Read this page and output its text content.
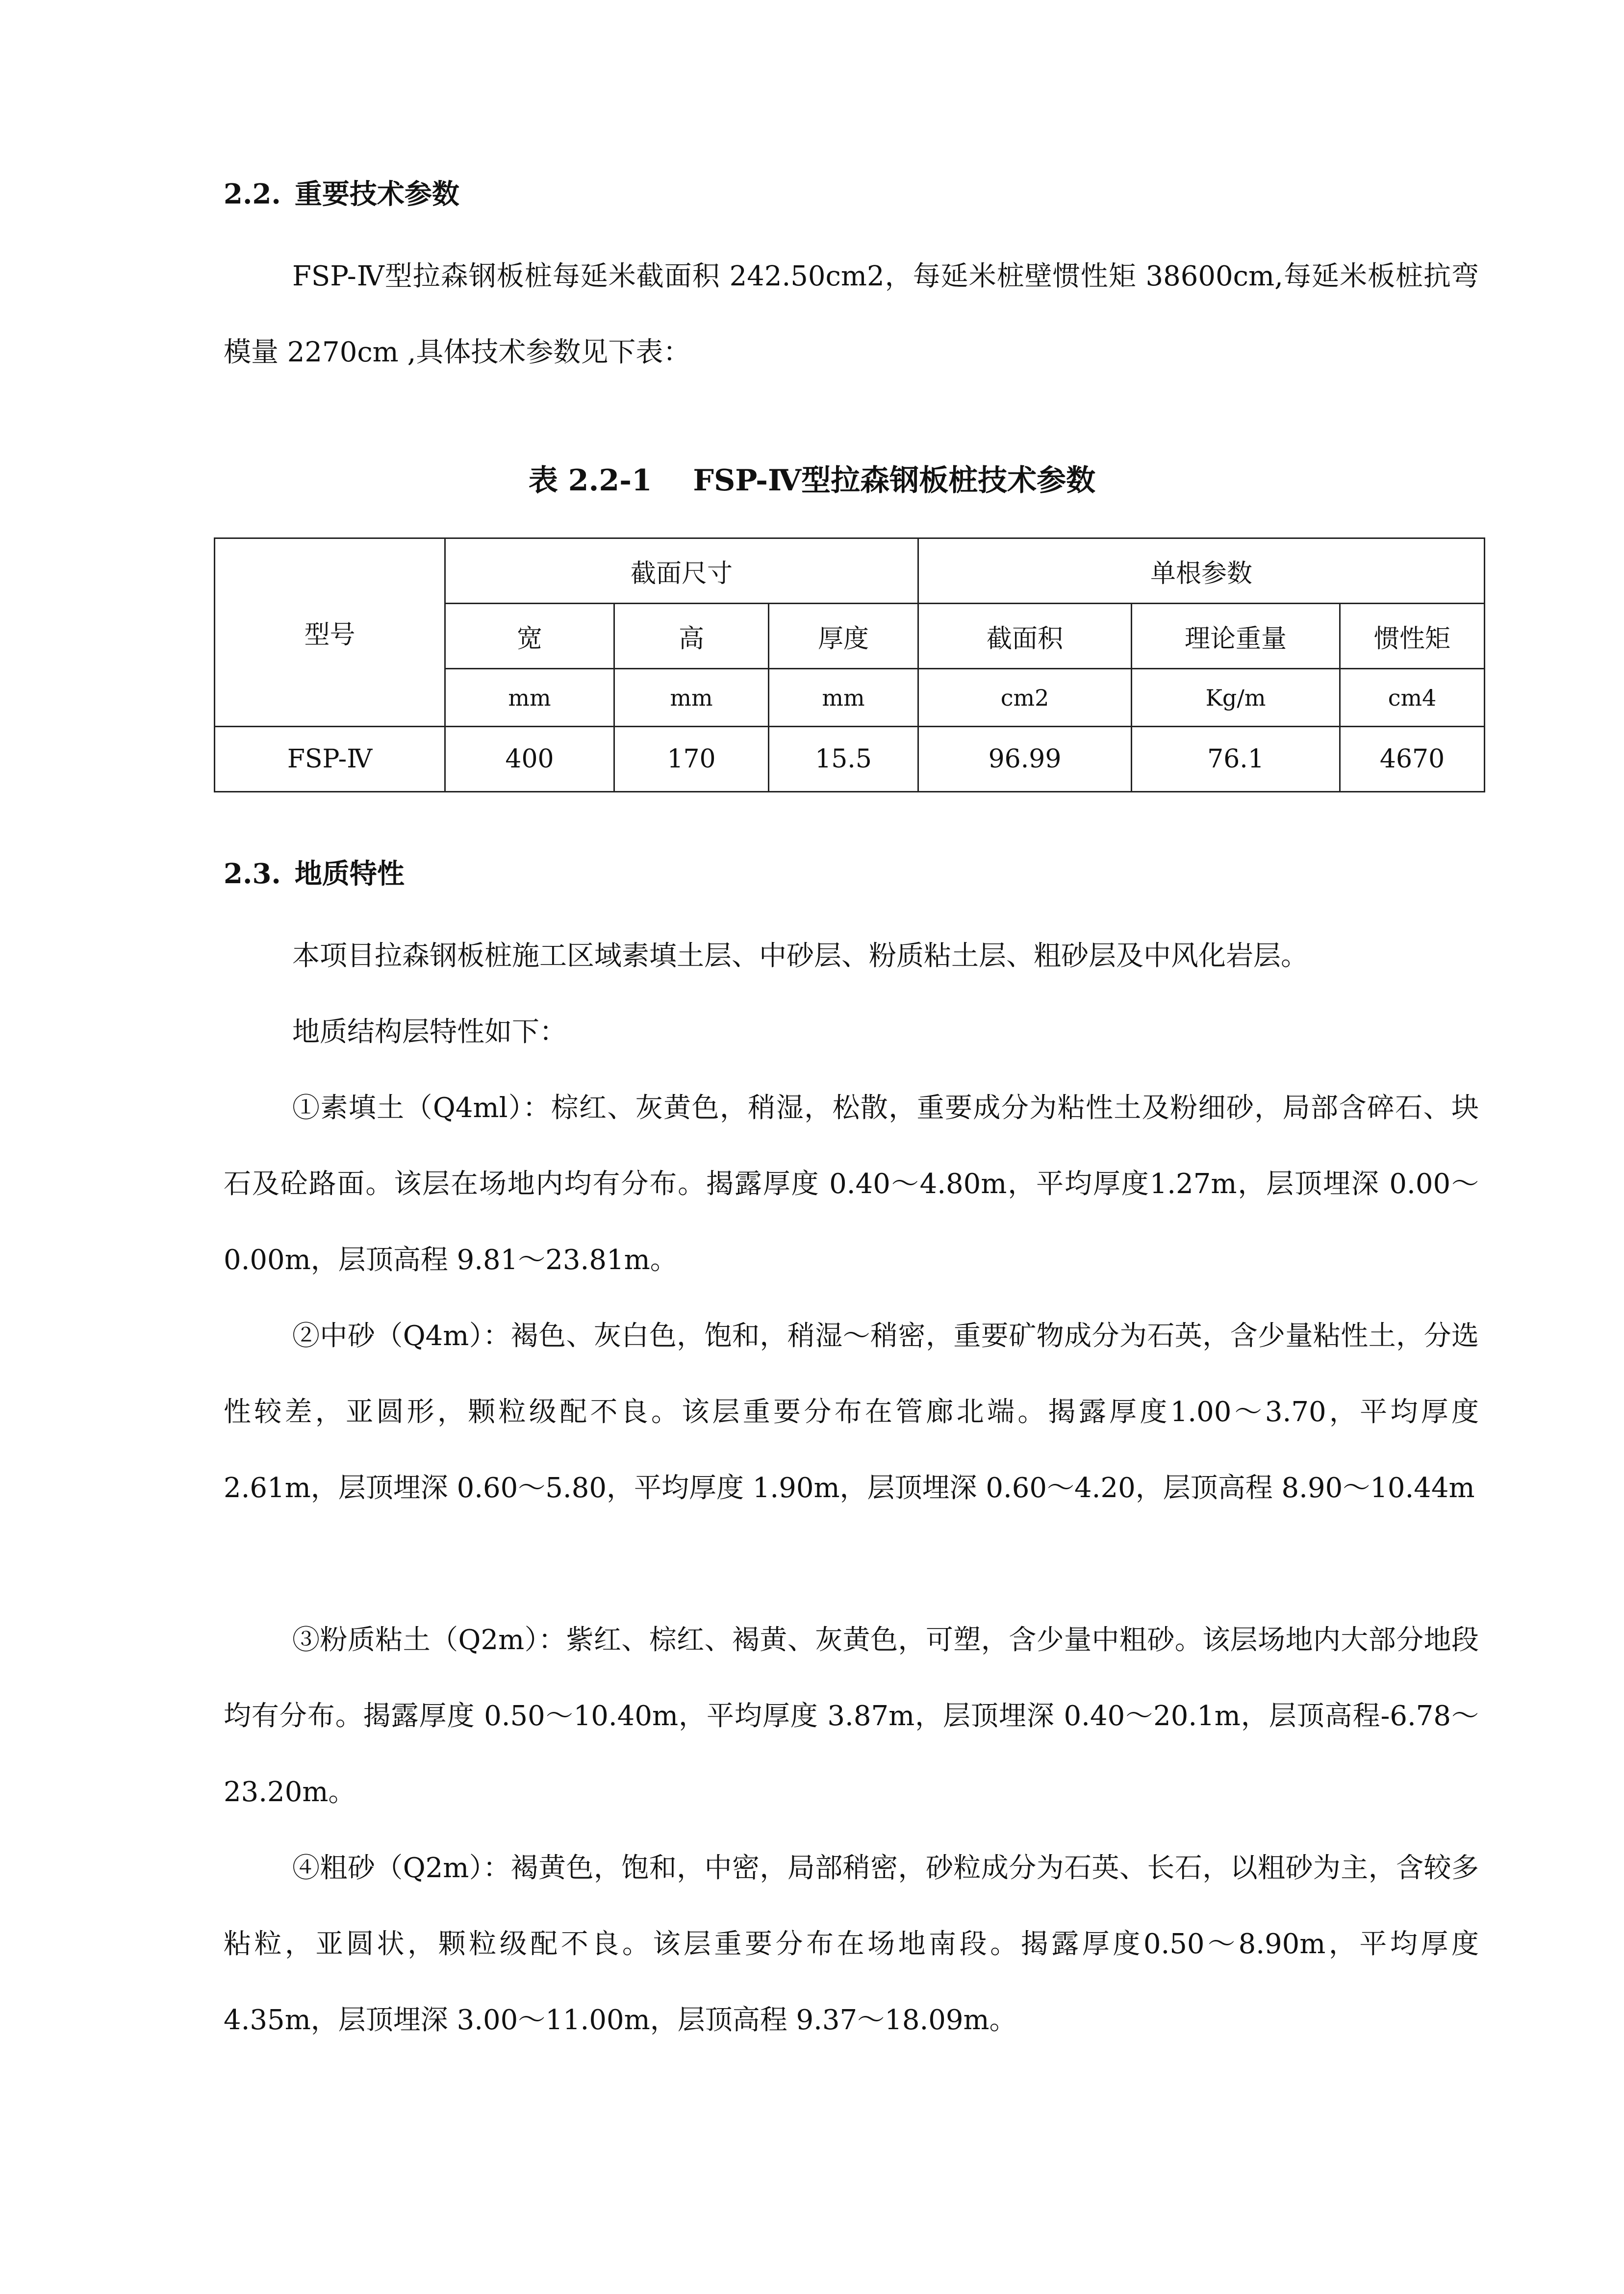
2.2. 重要技术参数
FSP-Ⅳ型拉森钢板桩每延米截面积 242.50cm2，每延米桩壁惯性矩 38600cm,每延米板桩抗弯模量 2270cm ,具体技术参数见下表：
表 2.2-1    FSP-Ⅳ型拉森钢板桩技术参数
型号	截面尺寸			单根参数		
	宽	高	厚度	截面积	理论重量	惯性矩
	mm	mm	mm	cm2	Kg/m	cm4
FSP-Ⅳ	400	170	15.5	96.99	76.1	4670
2.3. 地质特性
本项目拉森钢板桩施工区域素填土层、中砂层、粉质粘土层、粗砂层及中风化岩层。
地质结构层特性如下：
①素填土（Q4ml）：棕红、灰黄色，稍湿，松散，重要成分为粘性土及粉细砂，局部含碎石、块石及砼路面。该层在场地内均有分布。揭露厚度 0.40～4.80m，平均厚度1.27m，层顶埋深 0.00～0.00m，层顶高程 9.81～23.81m。
②中砂（Q4m）：褐色、灰白色，饱和，稍湿～稍密，重要矿物成分为石英，含少量粘性土，分选性较差，亚圆形，颗粒级配不良。该层重要分布在管廊北端。揭露厚度1.00～3.70，平均厚度 2.61m，层顶埋深 0.60～5.80，平均厚度 1.90m，层顶埋深 0.60～4.20，层顶高程 8.90～10.44m
③粉质粘土（Q2m）：紫红、棕红、褐黄、灰黄色，可塑，含少量中粗砂。该层场地内大部分地段均有分布。揭露厚度 0.50～10.40m，平均厚度 3.87m，层顶埋深 0.40～20.1m，层顶高程-6.78～23.20m。
④粗砂（Q2m）：褐黄色，饱和，中密，局部稍密，砂粒成分为石英、长石，以粗砂为主，含较多粘粒，亚圆状，颗粒级配不良。该层重要分布在场地南段。揭露厚度0.50～8.90m，平均厚度 4.35m，层顶埋深 3.00～11.00m，层顶高程 9.37～18.09m。
